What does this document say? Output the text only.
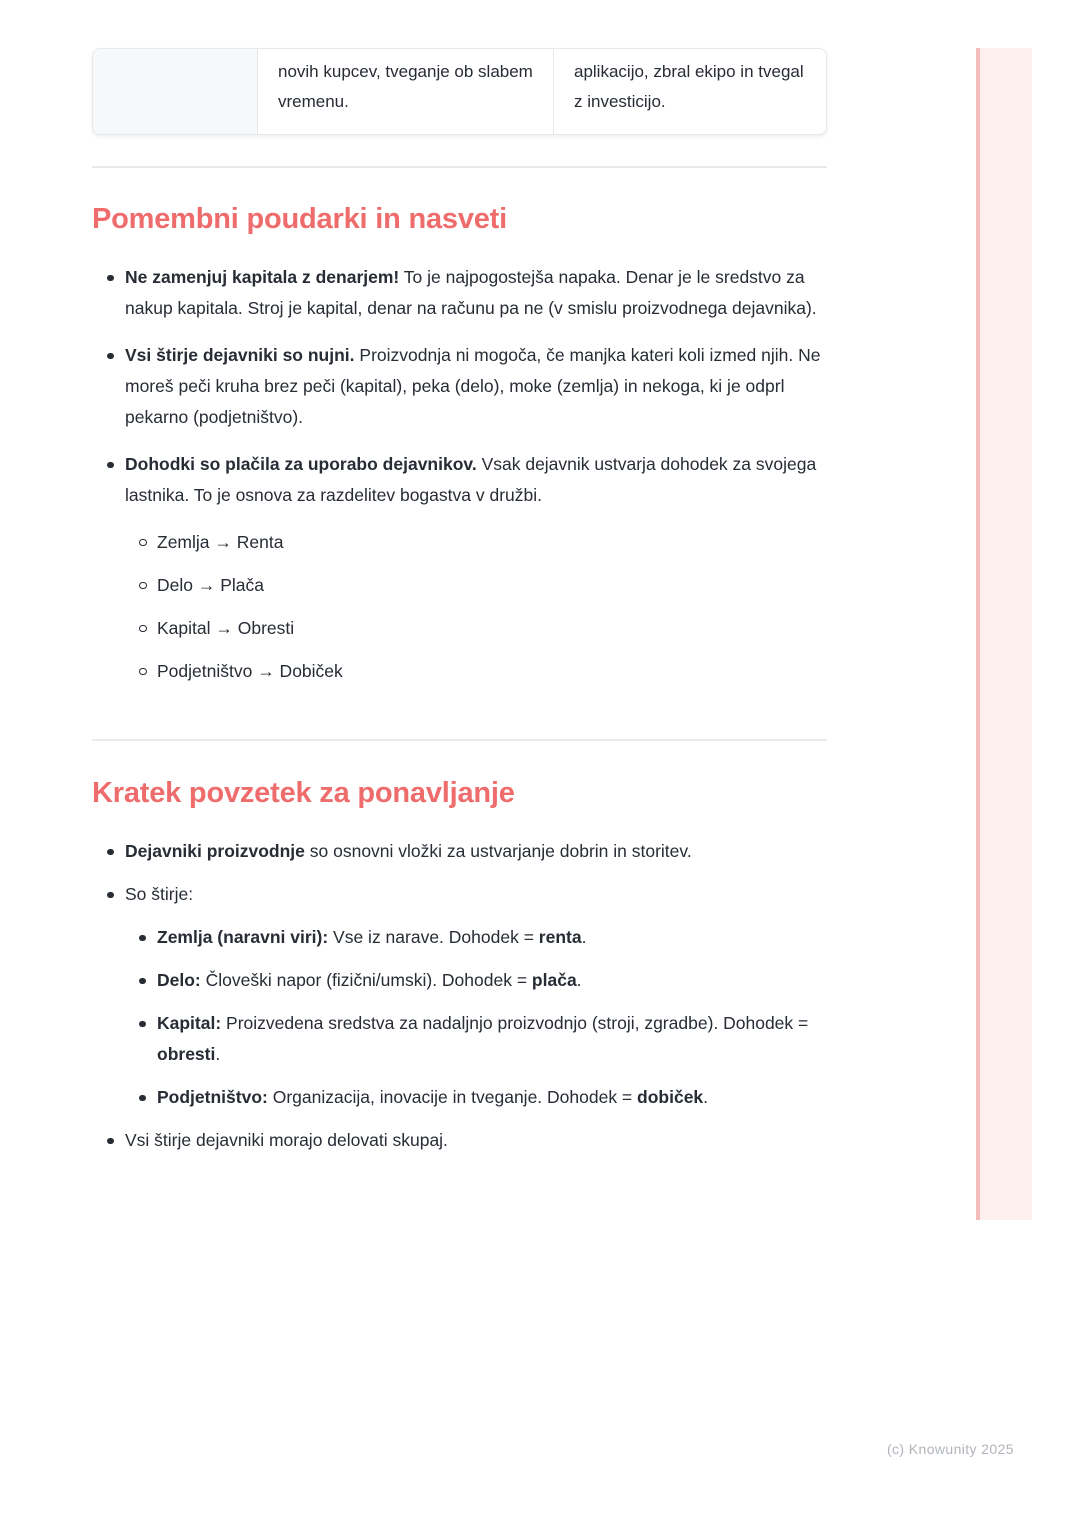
novih kupcev, tveganje ob slabem vremenu.
aplikacijo, zbral ekipo in tvegal z investicijo.
Pomembni poudarki in nasveti
Ne zamenjuj kapitala z denarjem! To je najpogostejša napaka. Denar je le sredstvo za nakup kapitala. Stroj je kapital, denar na računu pa ne (v smislu proizvodnega dejavnika).
Vsi štirje dejavniki so nujni. Proizvodnja ni mogoča, če manjka kateri koli izmed njih. Ne moreš peči kruha brez peči (kapital), peka (delo), moke (zemlja) in nekoga, ki je odprl pekarno (podjetništvo).
Dohodki so plačila za uporabo dejavnikov. Vsak dejavnik ustvarja dohodek za svojega lastnika. To je osnova za razdelitev bogastva v družbi.
Zemlja → Renta
Delo → Plača
Kapital → Obresti
Podjetništvo → Dobiček
Kratek povzetek za ponavljanje
Dejavniki proizvodnje so osnovni vložki za ustvarjanje dobrin in storitev.
So štirje:
Zemlja (naravni viri): Vse iz narave. Dohodek = renta.
Delo: Človeški napor (fizični/umski). Dohodek = plača.
Kapital: Proizvedena sredstva za nadaljnjo proizvodnjo (stroji, zgradbe). Dohodek = obresti.
Podjetništvo: Organizacija, inovacije in tveganje. Dohodek = dobiček.
Vsi štirje dejavniki morajo delovati skupaj.
(c) Knowunity 2025
